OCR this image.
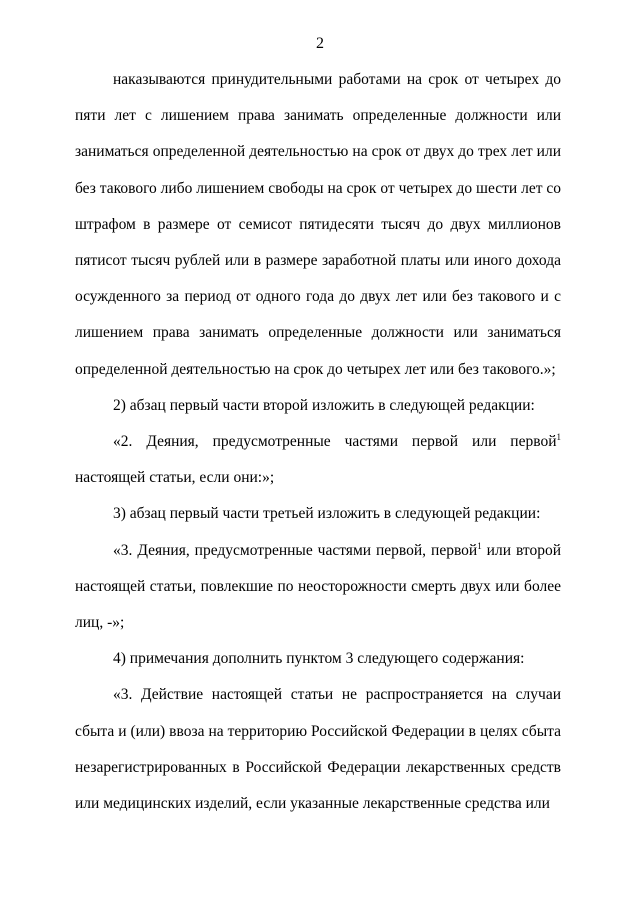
2

наказываются принудительными работами на срок от четырех до пяти лет с лишением права занимать определенные должности или заниматься определенной деятельностью на срок от двух до трех лет или без такового либо лишением свободы на срок от четырех до шести лет со штрафом в размере от семисот пятидесяти тысяч до двух миллионов пятисот тысяч рублей или в размере заработной платы или иного дохода осужденного за период от одного года до двух лет или без такового и с лишением права занимать определенные должности или заниматься определенной деятельностью на срок до четырех лет или без такового.»;

2) абзац первый части второй изложить в следующей редакции:

«2. Деяния, предусмотренные частями первой или первой$^1$ настоящей статьи, если они:»;

3) абзац первый части третьей изложить в следующей редакции:

«3. Деяния, предусмотренные частями первой, первой$^1$ или второй настоящей статьи, повлекшие по неосторожности смерть двух или более лиц, -»;

4) примечания дополнить пунктом 3 следующего содержания:

«3. Действие настоящей статьи не распространяется на случаи сбыта и (или) ввоза на территорию Российской Федерации в целях сбыта незарегистрированных в Российской Федерации лекарственных средств или медицинских изделий, если указанные лекарственные средства или
